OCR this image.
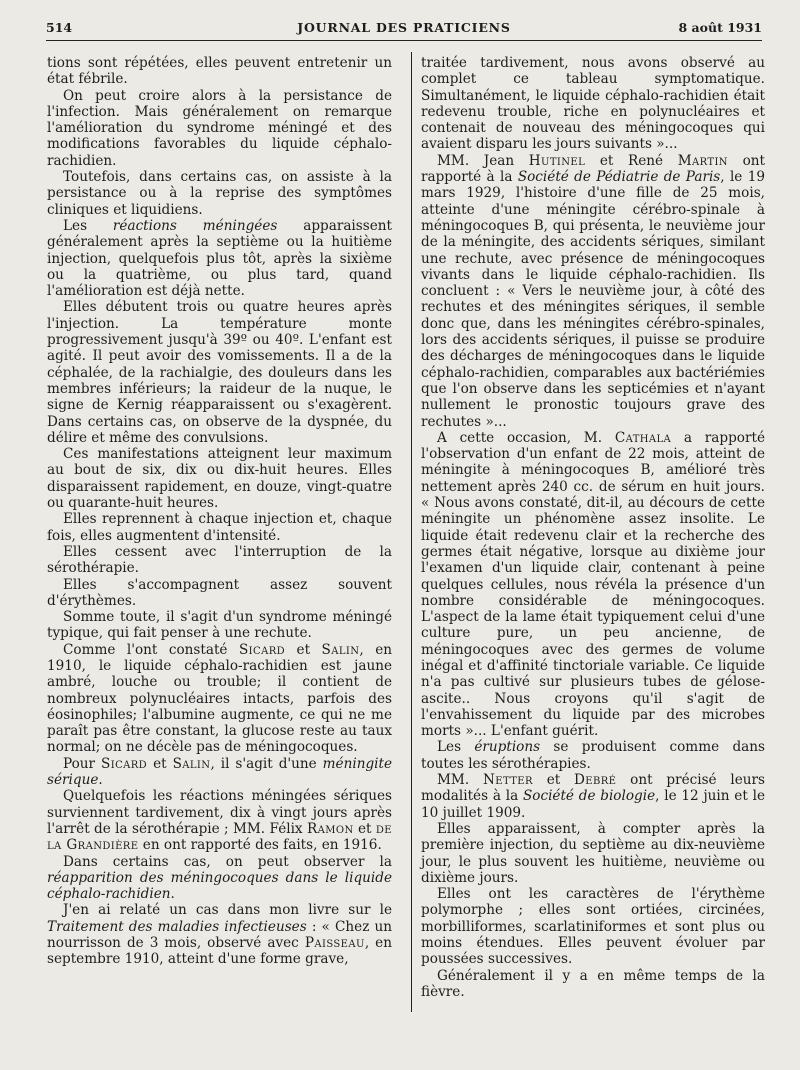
514	JOURNAL DES PRATICIENS	8 août 1931

tions sont répétées, elles peuvent entretenir un état fébrile.

On peut croire alors à la persistance de l'infection. Mais généralement on remarque l'amélioration du syndrome méningé et des modifications favorables du liquide céphalo-rachidien.

Toutefois, dans certains cas, on assiste à la persistance ou à la reprise des symptômes cliniques et liquidiens.

Les réactions méningées apparaissent généralement après la septième ou la huitième injection, quelquefois plus tôt, après la sixième ou la quatrième, ou plus tard, quand l'amélioration est déjà nette.

Elles débutent trois ou quatre heures après l'injection. La température monte progressivement jusqu'à 39º ou 40º. L'enfant est agité. Il peut avoir des vomissements. Il a de la céphalée, de la rachialgie, des douleurs dans les membres inférieurs; la raideur de la nuque, le signe de Kernig réapparaissent ou s'exagèrent. Dans certains cas, on observe de la dyspnée, du délire et même des convulsions.

Ces manifestations atteignent leur maximum au bout de six, dix ou dix-huit heures. Elles disparaissent rapidement, en douze, vingt-quatre ou quarante-huit heures.

Elles reprennent à chaque injection et, chaque fois, elles augmentent d'intensité.

Elles cessent avec l'interruption de la sérothérapie.

Elles s'accompagnent assez souvent d'érythèmes.

Somme toute, il s'agit d'un syndrome méningé typique, qui fait penser à une rechute.

Comme l'ont constaté Sicard et Salin, en 1910, le liquide céphalo-rachidien est jaune ambré, louche ou trouble; il contient de nombreux polynucléaires intacts, parfois des éosinophiles; l'albumine augmente, ce qui ne me paraît pas être constant, la glucose reste au taux normal; on ne décèle pas de méningocoques.

Pour Sicard et Salin, il s'agit d'une méningite sérique.

Quelquefois les réactions méningées sériques surviennent tardivement, dix à vingt jours après l'arrêt de la sérothérapie ; MM. Félix Ramon et de la Grandière en ont rapporté des faits, en 1916.

Dans certains cas, on peut observer la réapparition des méningocoques dans le liquide céphalo-rachidien.

J'en ai relaté un cas dans mon livre sur le Traitement des maladies infectieuses : « Chez un nourrisson de 3 mois, observé avec Paisseau, en septembre 1910, atteint d'une forme grave,

traitée tardivement, nous avons observé au complet ce tableau symptomatique. Simultanément, le liquide céphalo-rachidien était redevenu trouble, riche en polynucléaires et contenait de nouveau des méningocoques qui avaient disparu les jours suivants »...

MM. Jean Hutinel et René Martin ont rapporté à la Société de Pédiatrie de Paris, le 19 mars 1929, l'histoire d'une fille de 25 mois, atteinte d'une méningite cérébro-spinale à méningocoques B, qui présenta, le neuvième jour de la méningite, des accidents sériques, similant une rechute, avec présence de méningocoques vivants dans le liquide céphalo-rachidien. Ils concluent : « Vers le neuvième jour, à côté des rechutes et des méningites sériques, il semble donc que, dans les méningites cérébro-spinales, lors des accidents sériques, il puisse se produire des décharges de méningocoques dans le liquide céphalo-rachidien, comparables aux bactériémies que l'on observe dans les septicémies et n'ayant nullement le pronostic toujours grave des rechutes »...

A cette occasion, M. Cathala a rapporté l'observation d'un enfant de 22 mois, atteint de méningite à méningocoques B, amélioré très nettement après 240 cc. de sérum en huit jours. « Nous avons constaté, dit-il, au décours de cette méningite un phénomène assez insolite. Le liquide était redevenu clair et la recherche des germes était négative, lorsque au dixième jour l'examen d'un liquide clair, contenant à peine quelques cellules, nous révéla la présence d'un nombre considérable de méningocoques. L'aspect de la lame était typiquement celui d'une culture pure, un peu ancienne, de méningocoques avec des germes de volume inégal et d'affinité tinctoriale variable. Ce liquide n'a pas cultivé sur plusieurs tubes de gélose-ascite.. Nous croyons qu'il s'agit de l'envahissement du liquide par des microbes morts »... L'enfant guérit.

Les éruptions se produisent comme dans toutes les sérothérapies.

MM. Netter et Debré ont précisé leurs modalités à la Société de biologie, le 12 juin et le 10 juillet 1909.

Elles apparaissent, à compter après la première injection, du septième au dix-neuvième jour, le plus souvent les huitième, neuvième ou dixième jours.

Elles ont les caractères de l'érythème polymorphe ; elles sont ortiées, circinées, morbilliformes, scarlatiniformes et sont plus ou moins étendues. Elles peuvent évoluer par poussées successives.

Généralement il y a en même temps de la fièvre.
